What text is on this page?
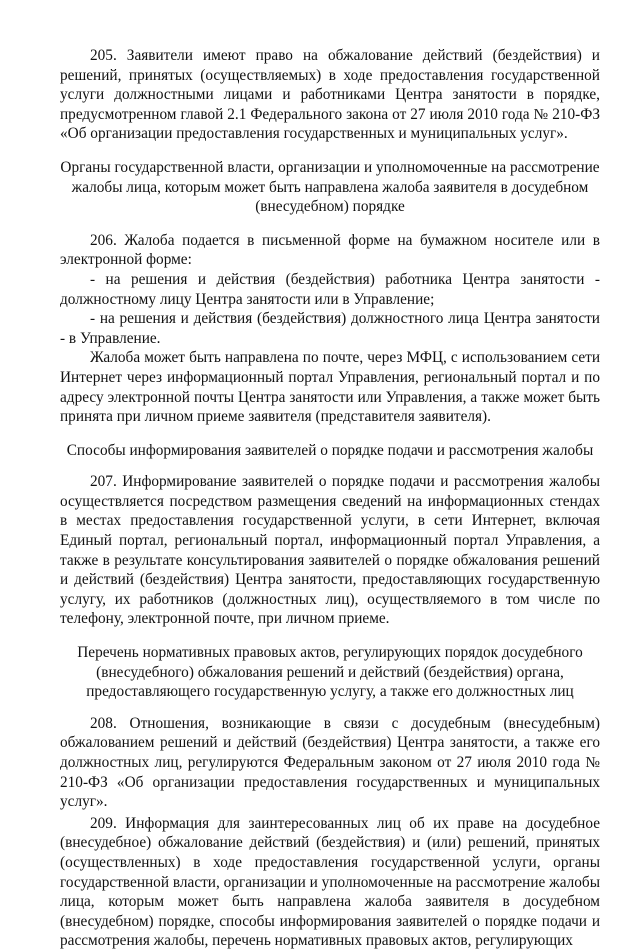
205. Заявители имеют право на обжалование действий (бездействия) и решений, принятых (осуществляемых) в ходе предоставления государственной услуги должностными лицами и работниками Центра занятости в порядке, предусмотренном главой 2.1 Федерального закона от 27 июля 2010 года № 210-ФЗ «Об организации предоставления государственных и муниципальных услуг».

Органы государственной власти, организации и уполномоченные на рассмотрение жалобы лица, которым может быть направлена жалоба заявителя в досудебном (внесудебном) порядке

206. Жалоба подается в письменной форме на бумажном носителе или в электронной форме:

- на решения и действия (бездействия) работника Центра занятости - должностному лицу Центра занятости или в Управление;

- на решения и действия (бездействия) должностного лица Центра занятости - в Управление.

Жалоба может быть направлена по почте, через МФЦ, с использованием сети Интернет через информационный портал Управления, региональный портал и по адресу электронной почты Центра занятости или Управления, а также может быть принята при личном приеме заявителя (представителя заявителя).

Способы информирования заявителей о порядке подачи и рассмотрения жалобы

207. Информирование заявителей о порядке подачи и рассмотрения жалобы осуществляется посредством размещения сведений на информационных стендах в местах предоставления государственной услуги, в сети Интернет, включая Единый портал, региональный портал, информационный портал Управления, а также в результате консультирования заявителей о порядке обжалования решений и действий (бездействия) Центра занятости, предоставляющих государственную услугу, их работников (должностных лиц), осуществляемого в том числе по телефону, электронной почте, при личном приеме.

Перечень нормативных правовых актов, регулирующих порядок досудебного (внесудебного) обжалования решений и действий (бездействия) органа, предоставляющего государственную услугу, а также его должностных лиц

208. Отношения, возникающие в связи с досудебным (внесудебным) обжалованием решений и действий (бездействия) Центра занятости, а также его должностных лиц, регулируются Федеральным законом от 27 июля 2010 года № 210-ФЗ «Об организации предоставления государственных и муниципальных услуг».

209. Информация для заинтересованных лиц об их праве на досудебное (внесудебное) обжалование действий (бездействия) и (или) решений, принятых (осуществленных) в ходе предоставления государственной услуги, органы государственной власти, организации и уполномоченные на рассмотрение жалобы лица, которым может быть направлена жалоба заявителя в досудебном (внесудебном) порядке, способы информирования заявителей о порядке подачи и рассмотрения жалобы, перечень нормативных правовых актов, регулирующих
